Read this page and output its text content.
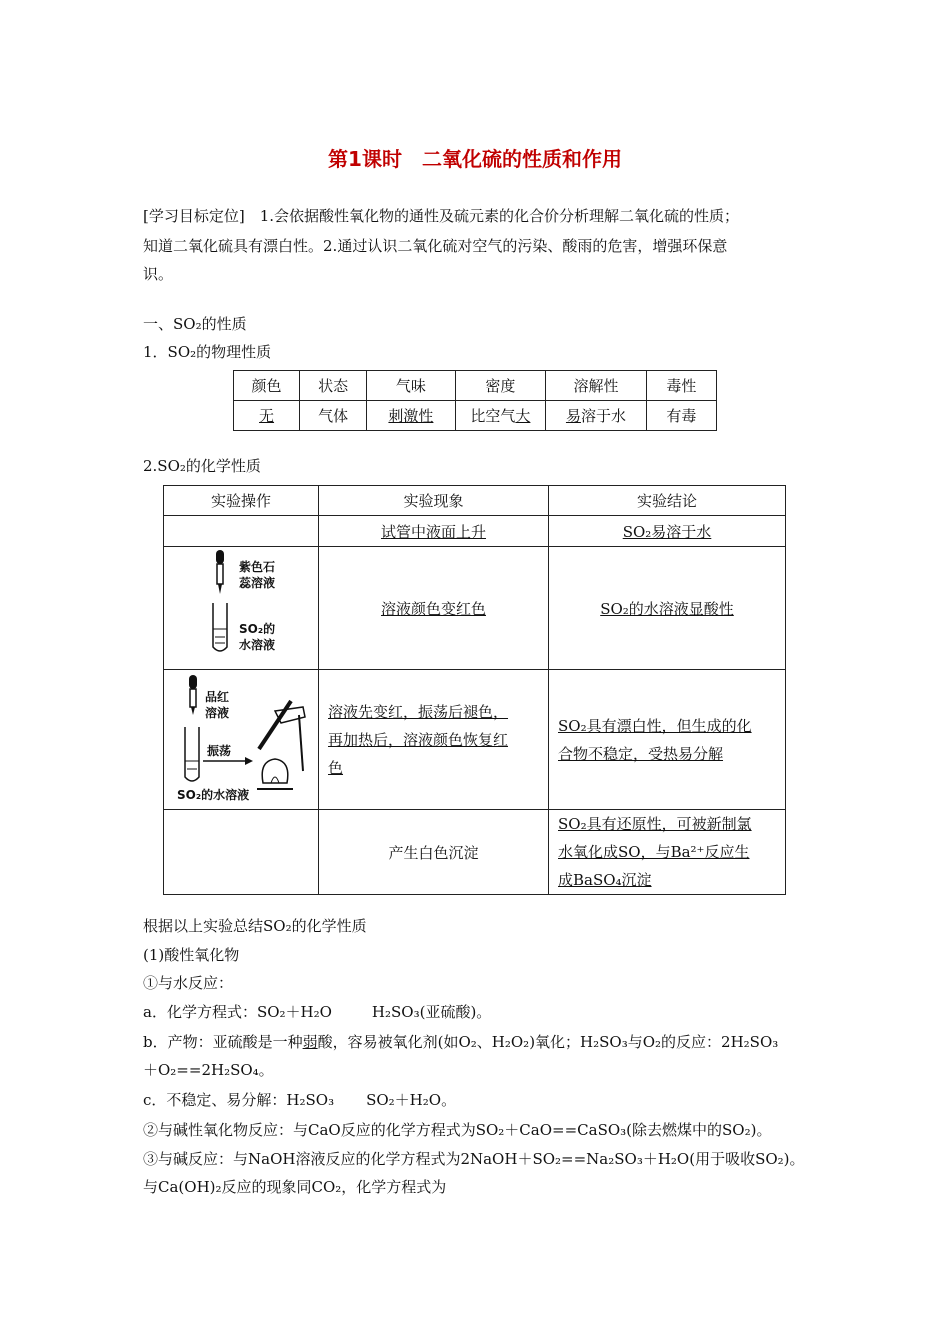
第1课时　二氧化硫的性质和作用
[学习目标定位]　1.会依据酸性氧化物的通性及硫元素的化合价分析理解二氧化硫的性质；
知道二氧化硫具有漂白性。2.通过认识二氧化硫对空气的污染、酸雨的危害，增强环保意
识。
一、SO₂的性质
1．SO₂的物理性质
颜色	状态	气味	密度	溶解性	毒性
无	气体	刺激性	比空气大	易溶于水	有毒
2.SO₂的化学性质
实验操作	实验现象	实验结论
	试管中液面上升	SO₂易溶于水

紫色石
蕊溶液
SO₂的
水溶液	溶液颜色变红色	SO₂的水溶液显酸性

品红
溶液
振荡
SO₂的水溶液	溶液先变红，振荡后褪色，
再加热后，溶液颜色恢复红
色	SO₂具有漂白性，但生成的化
合物不稳定，受热易分解
	产生白色沉淀	SO₂具有还原性，可被新制氯
水氧化成SO，与Ba²⁺反应生
成BaSO₄沉淀
根据以上实验总结SO₂的化学性质
(1)酸性氧化物
①与水反应：
a．化学方程式：SO₂＋H₂O	H₂SO₃(亚硫酸)。
b．产物：亚硫酸是一种弱酸，容易被氧化剂(如O₂、H₂O₂)氧化；H₂SO₃与O₂的反应：2H₂SO₃
＋O₂==2H₂SO₄。
c．不稳定、易分解：H₂SO₃ SO₂＋H₂O。
②与碱性氧化物反应：与CaO反应的化学方程式为SO₂＋CaO==CaSO₃(除去燃煤中的SO₂)。
③与碱反应：与NaOH溶液反应的化学方程式为2NaOH＋SO₂==Na₂SO₃＋H₂O(用于吸收SO₂)。
与Ca(OH)₂反应的现象同CO₂，化学方程式为
